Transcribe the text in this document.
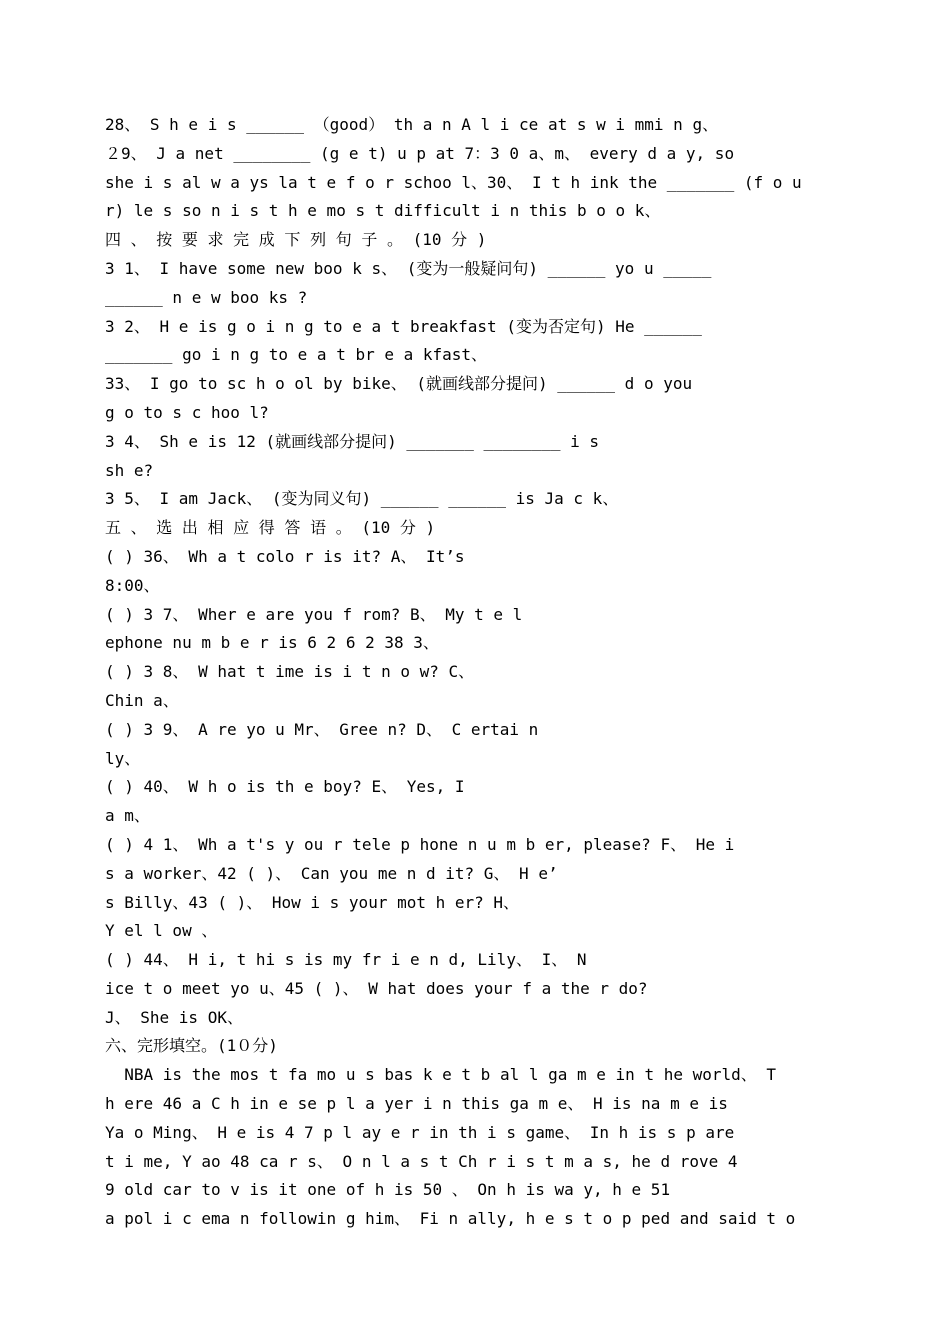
28、 S h e i s ______ （good） th a n A l i ce at s w i mmi n g、
２9、 J a net ________ (g e t) u p at 7：3 0 a、m、 every d a y, so
she i s al w a ys la t e f o r schoo l、30、 I t h ink the _______ (f o u
r) le s so n i s t h e mo s t difficult i n this b o o k、
四 、 按 要 求 完 成 下 列 句 子 。 (10 分 )
3 1、 I have some new boo k s、 (变为一般疑问句) ______ yo u _____
______ n e w boo ks ?
3 2、 H e is g o i n g to e a t breakfast (变为否定句) He ______
_______ go i n g to e a t br e a kfast、
33、 I go to sc h o ol by bike、 (就画线部分提问) ______ d o you
g o to s c hoo l?
3 4、 Sh e is 12 (就画线部分提问) _______ ________ i s
sh e?
3 5、 I am Jack、 (变为同义句) ______ ______ is Ja c k、
五 、 选 出 相 应 得 答 语 。 (10 分 )
( ) 36、 Wh a t colo r is it? A、 It’s
8:00、
( ) 3 7、 Wher e are you f rom? B、 My t e l
ephone nu m b e r is 6 2 6 2 38 3、
( ) 3 8、 W hat t ime is i t n o w? C、
Chin a、
( ) 3 9、 A re yo u Mr、 Gree n? D、 C ertai n
ly、
( ) 40、 W h o is th e boy? E、 Yes, I
a m、
( ) 4 1、 Wh a t's y ou r tele p hone n u m b er, please? F、 He i
s a worker、42 ( )、 Can you me n d it? G、 H e’
s Billy、43 ( )、 How i s your mot h er? H、
Y el l ow 、
( ) 44、 H i, t hi s is my fr i e n d, Lily、 I、 N
ice t o meet yo u、45 ( )、 W hat does your f a the r do?
J、 She is OK、
六、完形填空。(1０分)
NBA is the mos t fa mo u s bas k e t b al l ga m e in t he world、 T
h ere 46 a C h in e se p l a yer i n this ga m e、 H is na m e is
Ya o Ming、 H e is 4 7 p l ay e r in th i s game、 In h is s p are
t i me, Y ao 48 ca r s、 O n l a s t Ch r i s t m a s, he d rove 4
9 old car to v is it one of h is 50 、 On h is wa y, h e 51
a pol i c ema n followin g him、 Fi n ally, h e s t o p ped and said t o
